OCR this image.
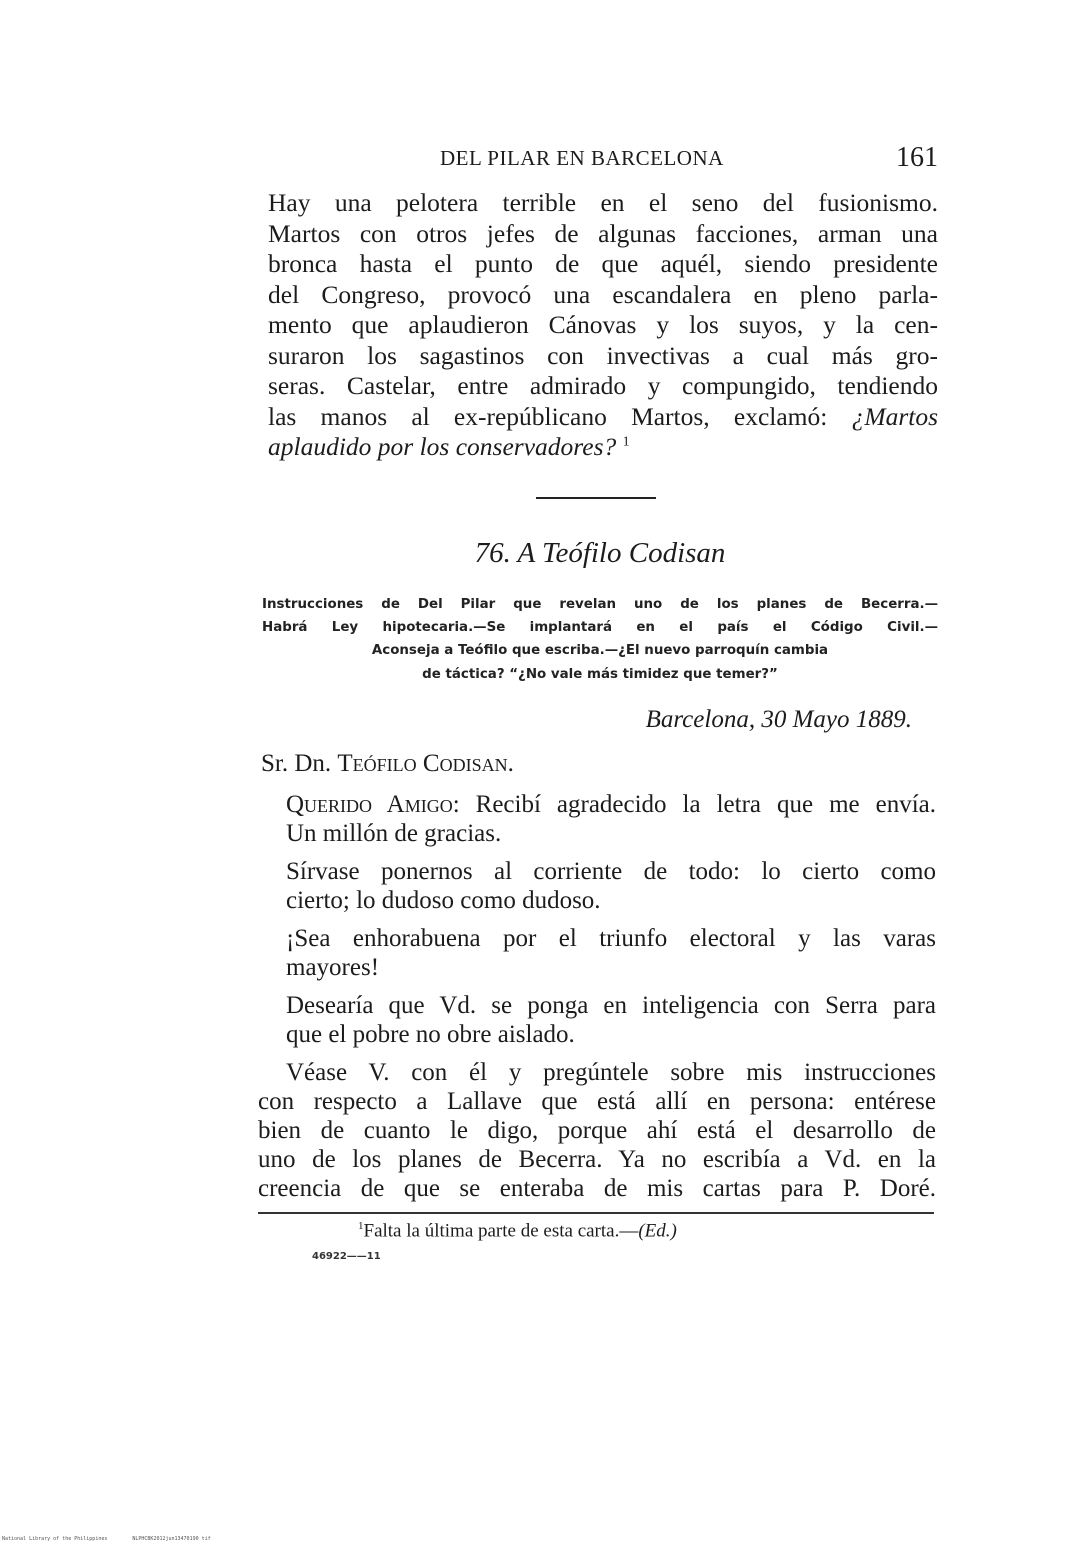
DEL PILAR EN BARCELONA	161

Hay una pelotera terrible en el seno del fusionismo.
Martos con otros jefes de algunas facciones, arman una
bronca hasta el punto de que aquél, siendo presidente
del Congreso, provocó una escandalera en pleno parla-
mento que aplaudieron Cánovas y los suyos, y la cen-
suraron los sagastinos con invectivas a cual más gro-
seras. Castelar, entre admirado y compungido, tendiendo
las manos al ex-repúblicano Martos, exclamó: ¿Martos
aplaudido por los conservadores? $^1$

76. A Teófilo Codisan

Instrucciones de Del Pilar que revelan uno de los planes de Becerra.—
Habrá Ley hipotecaria.—Se implantará en el país el Código Civil.—
Aconseja a Teófilo que escriba.—¿El nuevo parroquín cambia
de táctica? “¿No vale más timidez que temer?”

Barcelona, 30 Mayo 1889.

Sr. Dn. Teófilo Codisan.

Querido Amigo: Recibí agradecido la letra que me envía.
Un millón de gracias.

Sírvase ponernos al corriente de todo: lo cierto como
cierto; lo dudoso como dudoso.

¡Sea enhorabuena por el triunfo electoral y las varas
mayores!

Desearía que Vd. se ponga en inteligencia con Serra para
que el pobre no obre aislado.

Véase V. con él y pregúntele sobre mis instrucciones
con respecto a Lallave que está allí en persona: entérese
bien de cuanto le digo, porque ahí está el desarrollo de
uno de los planes de Becerra. Ya no escribía a Vd. en la
creencia de que se enteraba de mis cartas para P. Doré.

$^1$Falta la última parte de esta carta.—(Ed.)

46922——11
National Library of the Philippines	NLPHCBK2012jun13470190 tif
